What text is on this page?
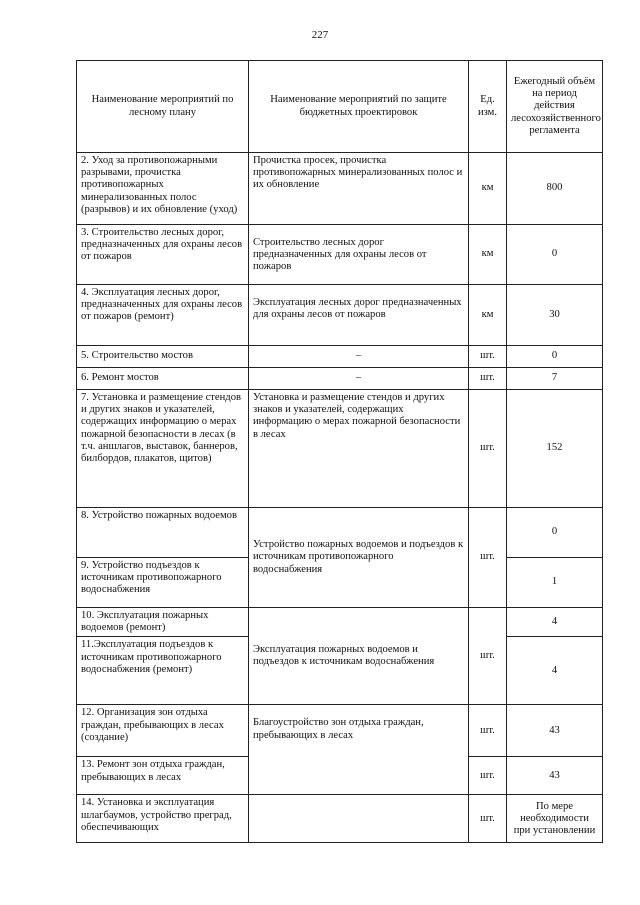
227
Наименование мероприятий по лесному плану	Наименование мероприятий по защите бюджетных проектировок	Ед. изм.	Ежегодный объём на период действия лесохозяйственного регламента
2. Уход за противопожарными разрывами, прочистка противопожарных минерализованных полос (разрывов) и их обновление (уход)	Прочистка просек, прочистка противопожарных минерализованных полос и их обновление	км	800
3. Строительство лесных дорог, предназначенных для охраны лесов от пожаров	Строительство лесных дорог предназначенных для охраны лесов от пожаров	км	0
4. Эксплуатация лесных дорог, предназначенных для охраны лесов от пожаров (ремонт)	Эксплуатация лесных дорог предназначенных для охраны лесов от пожаров	км	30
5. Строительство мостов	–	шт.	0
6. Ремонт мостов	–	шт.	7
7. Установка и размещение стендов и других знаков и указателей, содержащих информацию о мерах пожарной безопасности в лесах (в т.ч. аншлагов, выставок, баннеров, билбордов, плакатов, щитов)	Установка и размещение стендов и других знаков и указателей, содержащих информацию о мерах пожарной безопасности в лесах	шт.	152
8. Устройство пожарных водоемов	Устройство пожарных водоемов и подъездов к источникам противопожарного водоснабжения	шт.	0
9. Устройство подъездов к источникам противопожарного водоснабжения			1
10. Эксплуатация пожарных водоемов (ремонт)	Эксплуатация пожарных водоемов и подъездов к источникам водоснабжения	шт.	4
11.Эксплуатация подъездов к источникам противопожарного водоснабжения (ремонт)			4
12. Организация зон отдыха граждан, пребывающих в лесах (создание)	Благоустройство зон отдыха граждан, пребывающих в лесах	шт.	43
13. Ремонт зон отдыха граждан, пребывающих в лесах		шт.	43
14. Установка и эксплуатация шлагбаумов, устройство преград, обеспечивающих		шт.	По мере необходимости при установлении
